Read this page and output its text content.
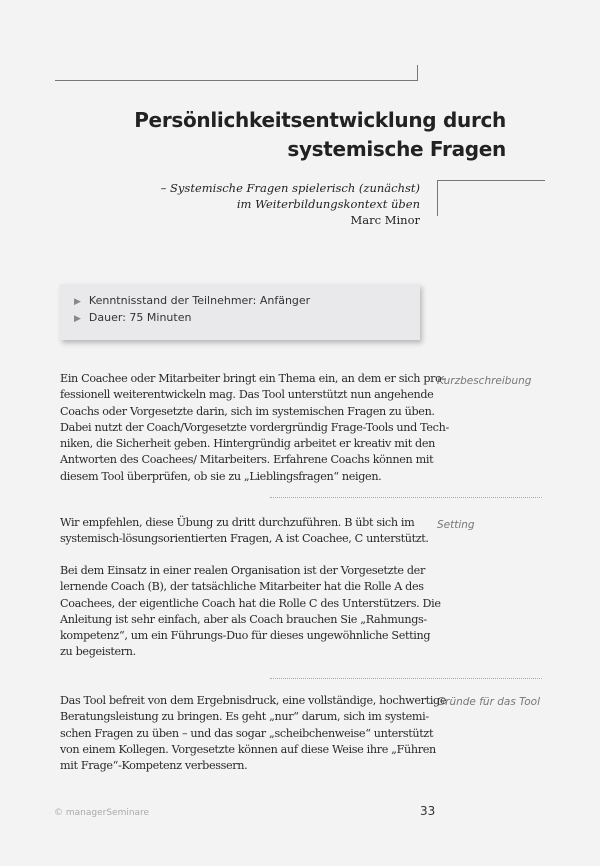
Persönlichkeitsentwicklung durch
systemische Fragen
– Systemische Fragen spielerisch (zunächst)
im Weiterbildungskontext üben
Marc Minor
▶ Kenntnisstand der Teilnehmer: Anfänger
▶ Dauer: 75 Minuten
Kurzbeschreibung
Ein Coachee oder Mitarbeiter bringt ein Thema ein, an dem er sich pro-
fessionell weiterentwickeln mag. Das Tool unterstützt nun angehende
Coachs oder Vorgesetzte darin, sich im systemischen Fragen zu üben.
Dabei nutzt der Coach/Vorgesetzte vordergründig Frage-Tools und Tech-
niken, die Sicherheit geben. Hintergründig arbeitet er kreativ mit den
Antworten des Coachees/ Mitarbeiters. Erfahrene Coachs können mit
diesem Tool überprüfen, ob sie zu „Lieblingsfragen“ neigen.
Setting
Wir empfehlen, diese Übung zu dritt durchzuführen. B übt sich im
systemisch-lösungsorientierten Fragen, A ist Coachee, C unterstützt.
Bei dem Einsatz in einer realen Organisation ist der Vorgesetzte der
lernende Coach (B), der tatsächliche Mitarbeiter hat die Rolle A des
Coachees, der eigentliche Coach hat die Rolle C des Unterstützers. Die
Anleitung ist sehr einfach, aber als Coach brauchen Sie „Rahmungs-
kompetenz“, um ein Führungs-Duo für dieses ungewöhnliche Setting
zu begeistern.
Gründe für das Tool
Das Tool befreit von dem Ergebnisdruck, eine vollständige, hochwertige
Beratungsleistung zu bringen. Es geht „nur“ darum, sich im systemi-
schen Fragen zu üben – und das sogar „scheibchenweise“ unterstützt
von einem Kollegen. Vorgesetzte können auf diese Weise ihre „Führen
mit Frage“-Kompetenz verbessern.
© managerSeminare	33
